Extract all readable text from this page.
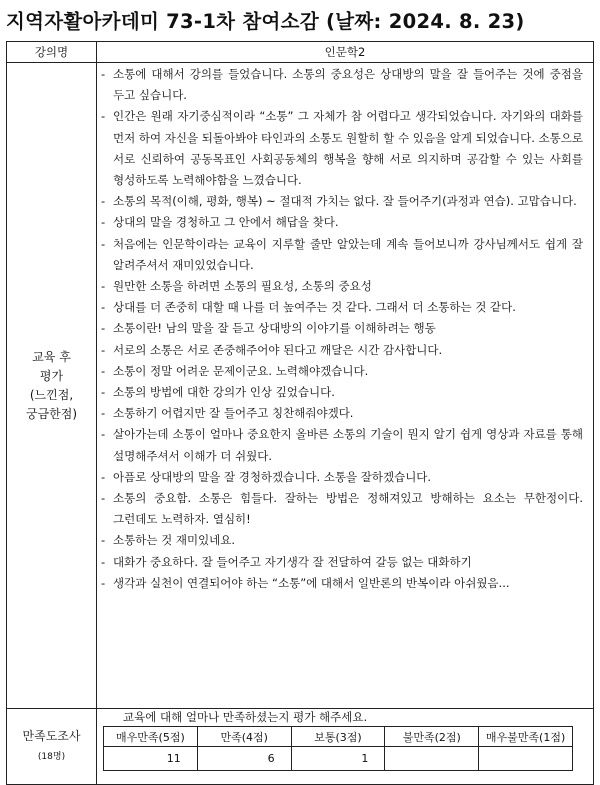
지역자활아카데미 73-1차 참여소감 (날짜: 2024. 8. 23)
강의명	인문학2

교육 후
평가
(느낀점,
궁금한점)

- 소통에 대해서 강의를 들었습니다. 소통의 중요성은 상대방의 말을 잘 들어주는 것에 중점을 두고 싶습니다.
- 인간은 원래 자기중심적이라 “소통” 그 자체가 참 어렵다고 생각되었습니다. 자기와의 대화를 먼저 하여 자신을 되돌아봐야 타인과의 소통도 원할히 할 수 있음을 알게 되었습니다. 소통으로 서로 신뢰하여 공동목표인 사회공동체의 행복을 향해 서로 의지하며 공감할 수 있는 사회를 형성하도록 노력해야함을 느꼈습니다.
- 소통의 목적(이해, 평화, 행복) ~ 절대적 가치는 없다. 잘 들어주기(과정과 연습). 고맙습니다.
- 상대의 말을 경청하고 그 안에서 해답을 찾다.
- 처음에는 인문학이라는 교육이 지루할 줄만 알았는데 계속 들어보니까 강사님께서도 쉽게 잘 알려주셔서 재미있었습니다.
- 원만한 소통을 하려면 소통의 필요성, 소통의 중요성
- 상대를 더 존중히 대할 때 나를 더 높여주는 것 같다. 그래서 더 소통하는 것 같다.
- 소통이란! 남의 말을 잘 듣고 상대방의 이야기를 이해하려는 행동
- 서로의 소통은 서로 존중해주어야 된다고 깨달은 시간 감사합니다.
- 소통이 정말 어려운 문제이군요. 노력해야겠습니다.
- 소통의 방법에 대한 강의가 인상 깊었습니다.
- 소통하기 어렵지만 잘 들어주고 칭찬해줘야겠다.
- 살아가는데 소통이 얼마나 중요한지 올바른 소통의 기술이 뭔지 알기 쉽게 영상과 자료를 통해 설명해주셔서 이해가 더 쉬웠다.
- 아픔로 상대방의 말을 잘 경청하겠습니다. 소통을 잘하겠습니다.
- 소통의 중요함. 소통은 힘들다. 잘하는 방법은 정해져있고 방해하는 요소는 무한정이다. 그런데도 노력하자. 열심히!
- 소통하는 것 재미있네요.
- 대화가 중요하다. 잘 들어주고 자기생각 잘 전달하여 갈등 없는 대화하기
- 생각과 실천이 연결되어야 하는 “소통”에 대해서 일반론의 반복이라 아쉬웠음...

만족도조사
(18명)

교육에 대해 얼마나 만족하셨는지 평가 해주세요.
매우만족(5점)	만족(4점)	보통(3점)	불만족(2점)	매우불만족(1점)
11	6	1		
